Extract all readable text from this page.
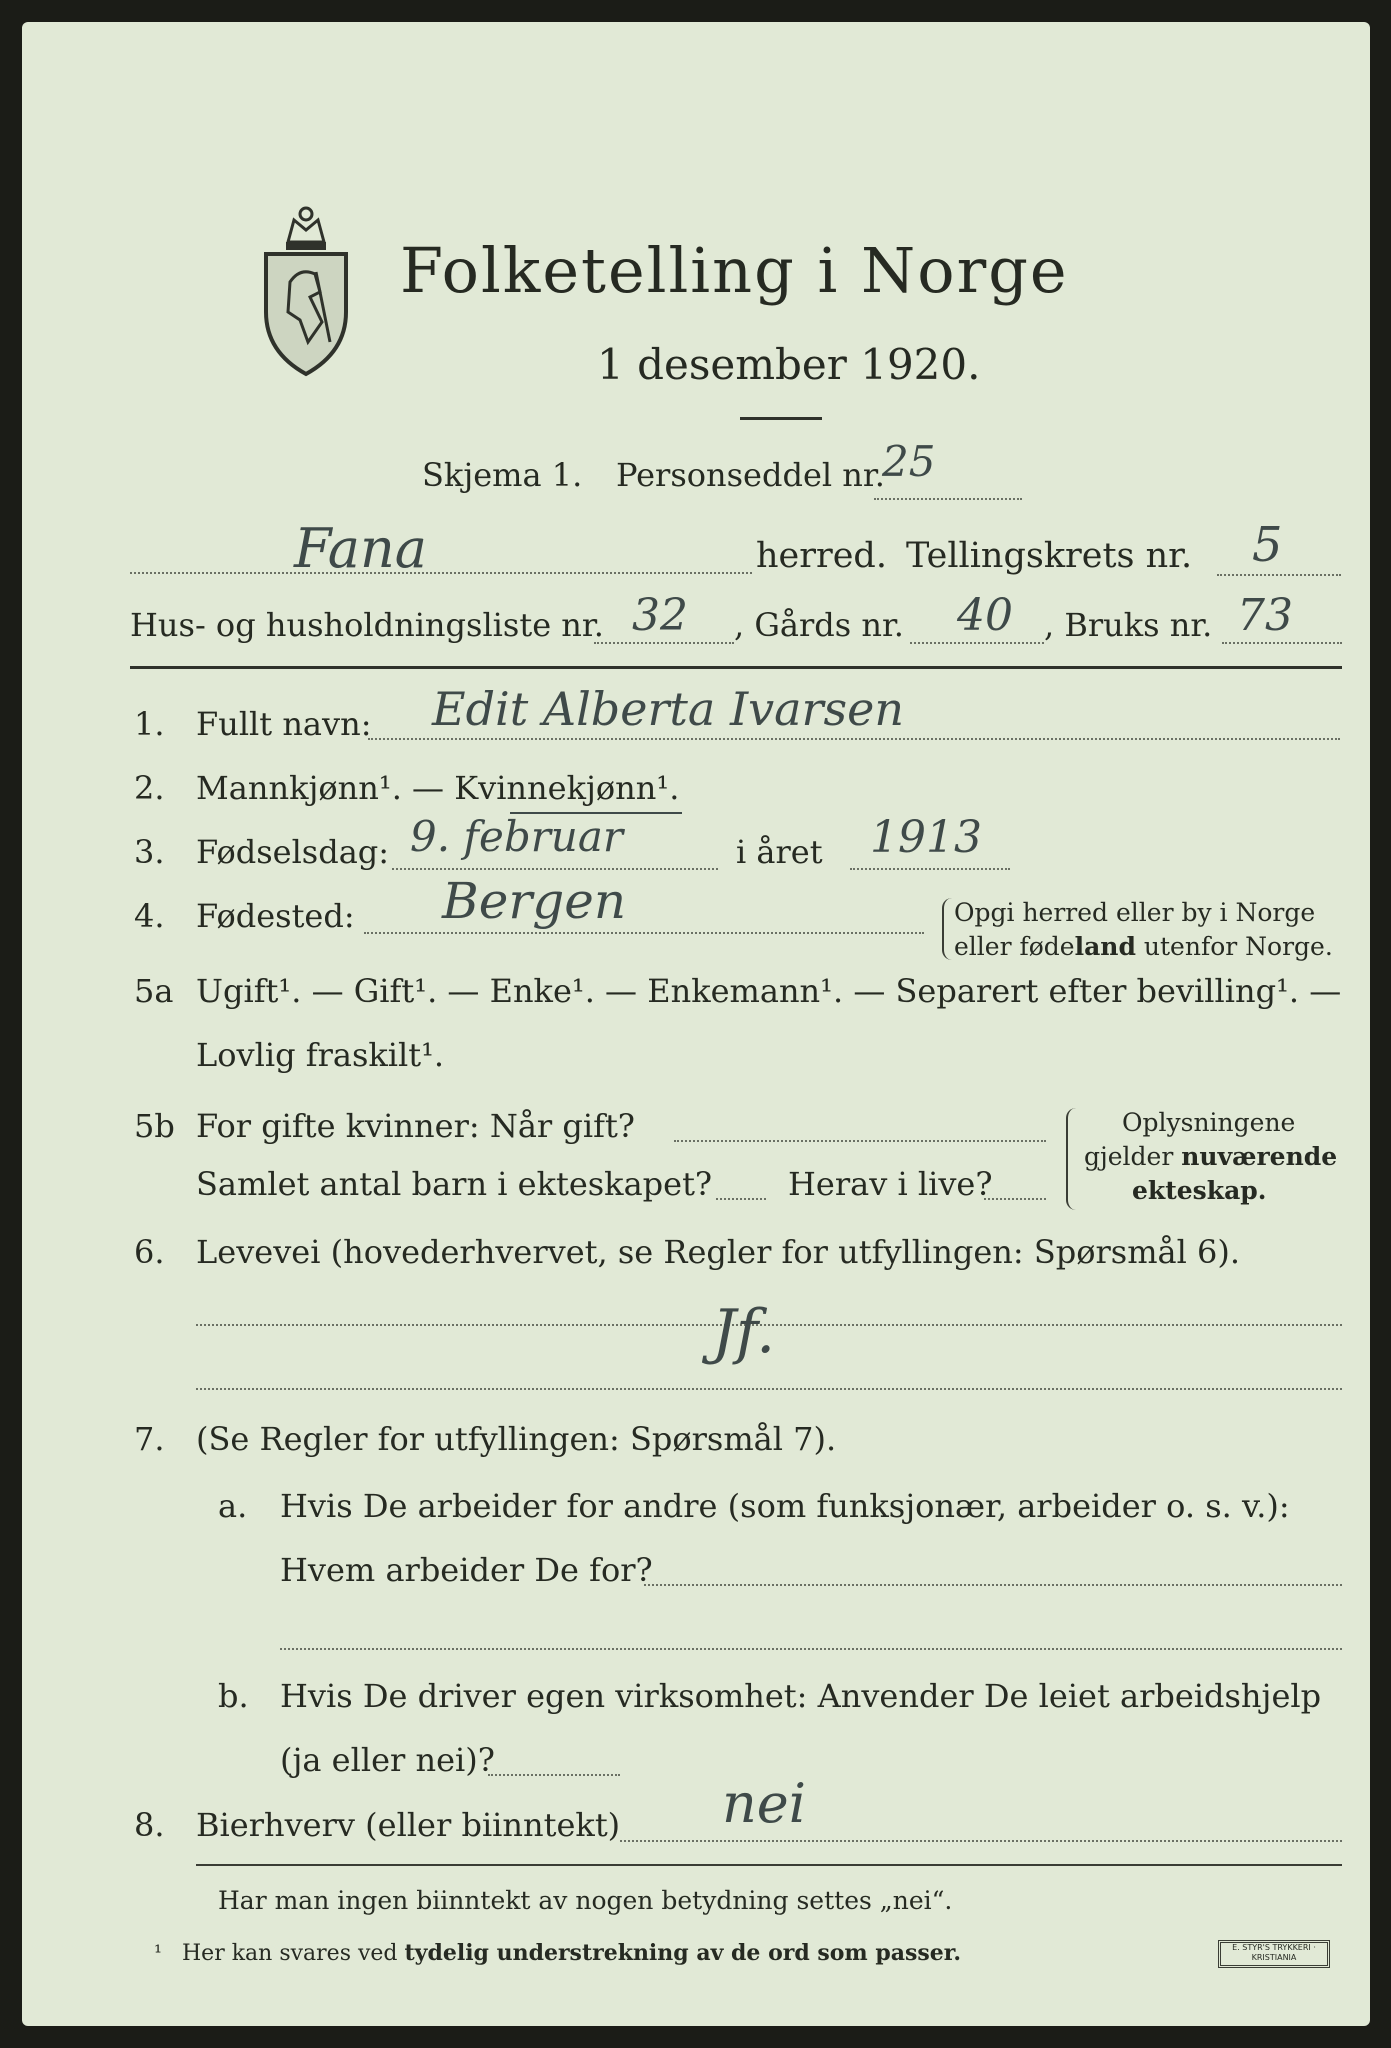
Folketelling i Norge
1 desember 1920.
Skjema 1. Personseddel nr.
25
Fana	herred. Tellingskrets nr. 5
Hus- og husholdningsliste nr. 32 , Gårds nr. 40 , Bruks nr. 73
1. Fullt navn: Edit Alberta Ivarsen
2. Mannkjønn¹. — Kvinnekjønn¹.
3. Fødselsdag: 9. februar	i året 1913
4. Fødested: Bergen	Opgi herred eller by i Norge
eller fødeland utenfor Norge.
5a Ugift¹. — Gift¹. — Enke¹. — Enkemann¹. — Separert efter bevilling¹. —
Lovlig fraskilt¹.
5b For gifte kvinner: Når gift?
Samlet antal barn i ekteskapet? Herav i live?
Oplysningene
gjelder nuværende
ekteskap.
6. Levevei (hovederhvervet, se Regler for utfyllingen: Spørsmål 6).
Jf.
7. (Se Regler for utfyllingen: Spørsmål 7).
a. Hvis De arbeider for andre (som funksjonær, arbeider o. s. v.):
Hvem arbeider De for?
b. Hvis De driver egen virksomhet: Anvender De leiet arbeidshjelp
(ja eller nei)?
8. Bierhverv (eller biinntekt) nei
Har man ingen biinntekt av nogen betydning settes „nei“.
¹ Her kan svares ved tydelig understrekning av de ord som passer.	E. STYR'S TRYKKERI · KRISTIANIA
